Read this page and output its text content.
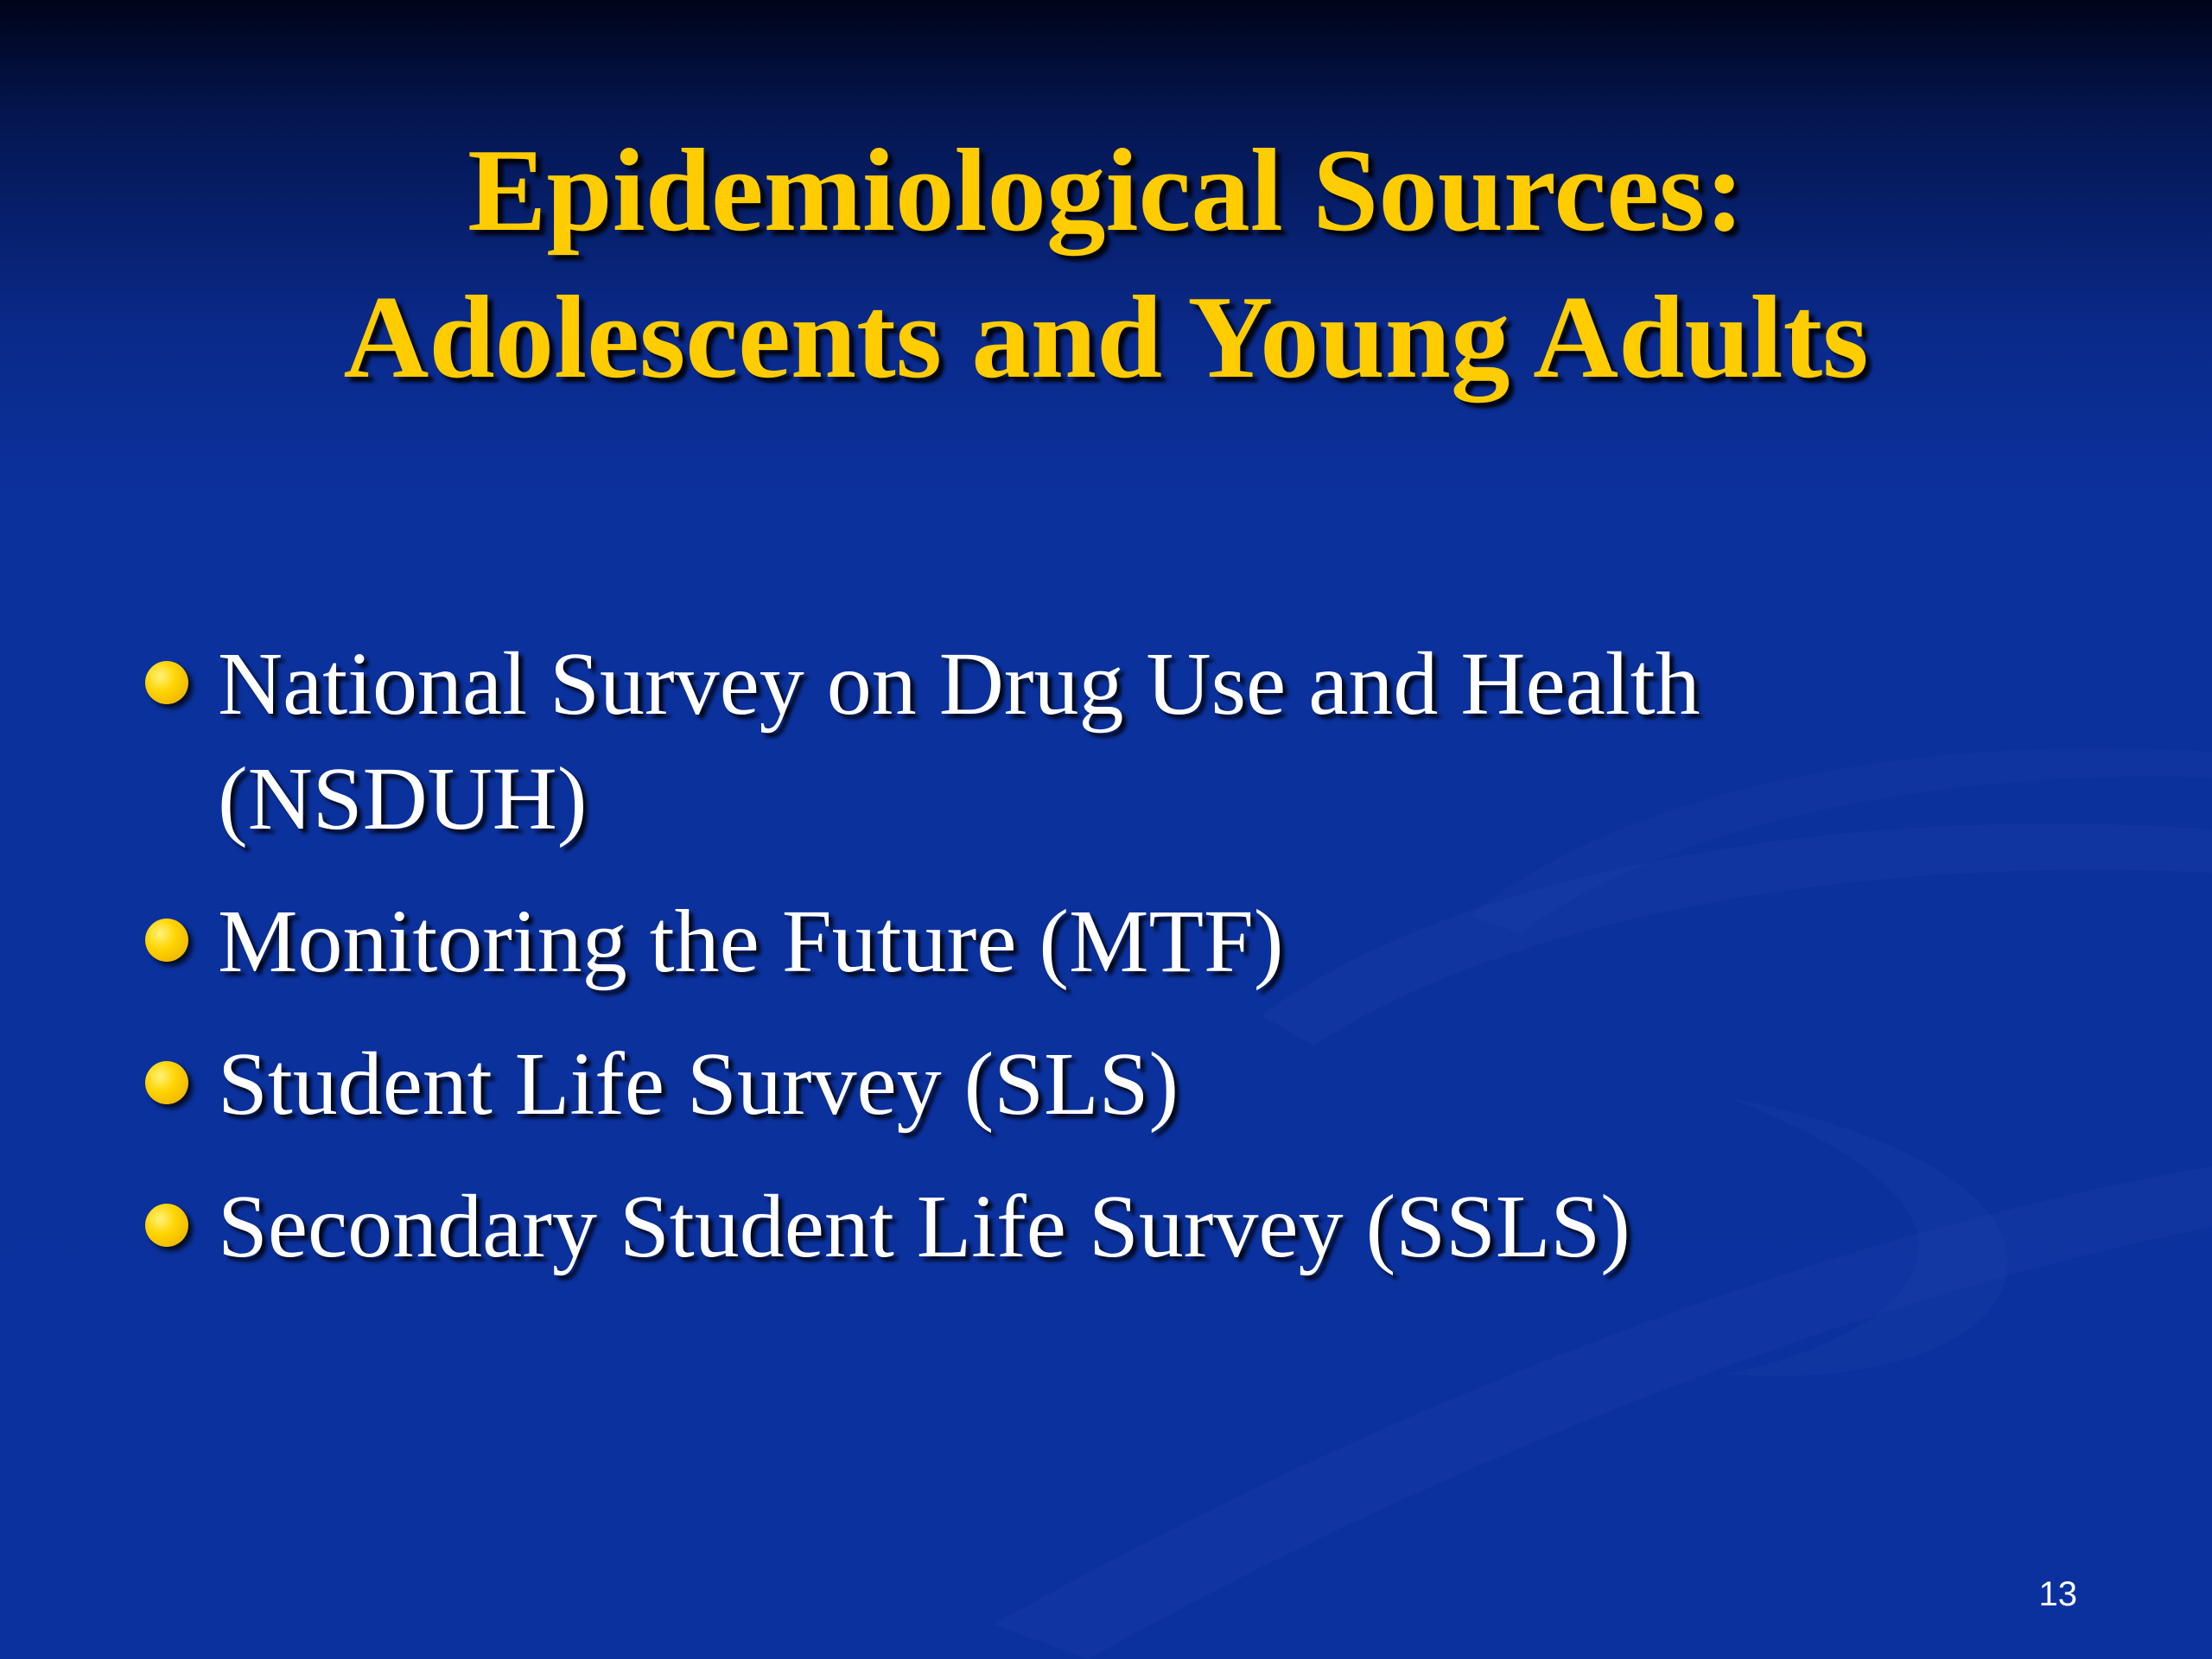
Epidemiological Sources:
Adolescents and Young Adults
National Survey on Drug Use and Health (NSDUH)
Monitoring the Future (MTF)
Student Life Survey (SLS)
Secondary Student Life Survey (SSLS)
13
